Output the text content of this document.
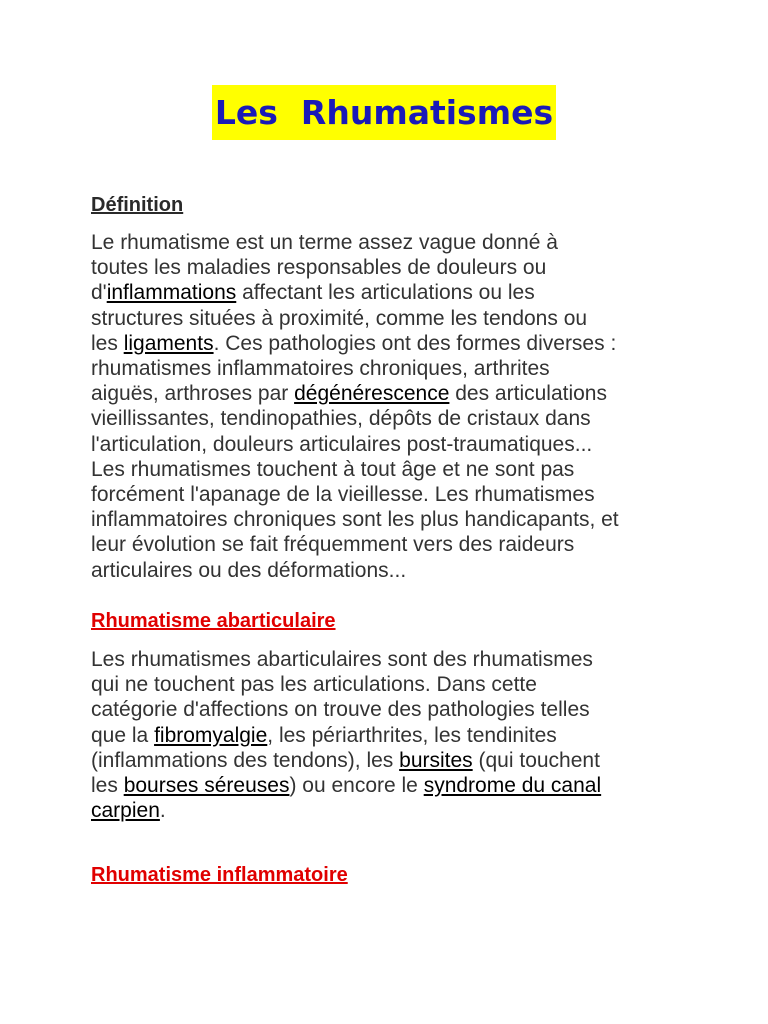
Les  Rhumatismes
Définition
Le rhumatisme est un terme assez vague donné à
toutes les maladies responsables de douleurs ou
d'inflammations affectant les articulations ou les
structures situées à proximité, comme les tendons ou
les ligaments. Ces pathologies ont des formes diverses :
rhumatismes inflammatoires chroniques, arthrites
aiguës, arthroses par dégénérescence des articulations
vieillissantes, tendinopathies, dépôts de cristaux dans
l'articulation, douleurs articulaires post-traumatiques...
Les rhumatismes touchent à tout âge et ne sont pas
forcément l'apanage de la vieillesse. Les rhumatismes
inflammatoires chroniques sont les plus handicapants, et
leur évolution se fait fréquemment vers des raideurs
articulaires ou des déformations...
Rhumatisme abarticulaire
Les rhumatismes abarticulaires sont des rhumatismes
qui ne touchent pas les articulations. Dans cette
catégorie d'affections on trouve des pathologies telles
que la fibromyalgie, les périarthrites, les tendinites
(inflammations des tendons), les bursites (qui touchent
les bourses séreuses) ou encore le syndrome du canal
carpien.
Rhumatisme inflammatoire
